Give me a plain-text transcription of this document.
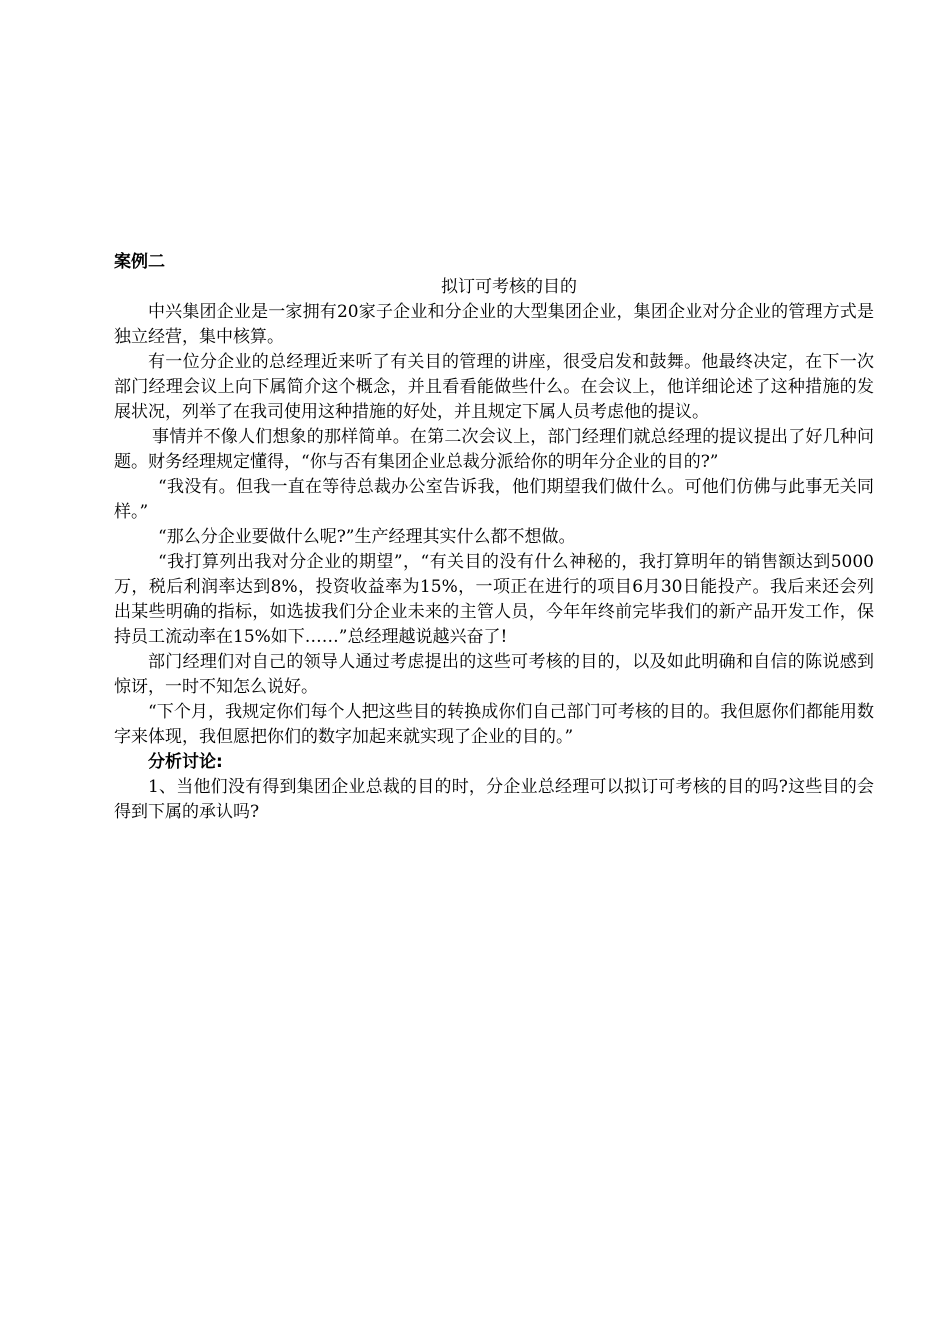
案例二

拟订可考核的目的

中兴集团企业是一家拥有20家子企业和分企业的大型集团企业，集团企业对分企业的管理方式是独立经营，集中核算。

有一位分企业的总经理近来听了有关目的管理的讲座，很受启发和鼓舞。他最终决定，在下一次部门经理会议上向下属简介这个概念，并且看看能做些什么。在会议上，他详细论述了这种措施的发展状况，列举了在我司使用这种措施的好处，并且规定下属人员考虑他的提议。

事情并不像人们想象的那样简单。在第二次会议上，部门经理们就总经理的提议提出了好几种问题。财务经理规定懂得，“你与否有集团企业总裁分派给你的明年分企业的目的?”

“我没有。但我一直在等待总裁办公室告诉我，他们期望我们做什么。可他们仿佛与此事无关同样。”

“那么分企业要做什么呢?”生产经理其实什么都不想做。

“我打算列出我对分企业的期望”，“有关目的没有什么神秘的，我打算明年的销售额达到5000万，税后利润率达到8%，投资收益率为15%，一项正在进行的项目6月30日能投产。我后来还会列出某些明确的指标，如选拔我们分企业未来的主管人员，今年年终前完毕我们的新产品开发工作，保持员工流动率在15%如下……”总经理越说越兴奋了!

部门经理们对自己的领导人通过考虑提出的这些可考核的目的，以及如此明确和自信的陈说感到惊讶，一时不知怎么说好。

“下个月，我规定你们每个人把这些目的转换成你们自己部门可考核的目的。我但愿你们都能用数字来体现，我但愿把你们的数字加起来就实现了企业的目的。”

分析讨论:

1、当他们没有得到集团企业总裁的目的时，分企业总经理可以拟订可考核的目的吗?这些目的会得到下属的承认吗?
